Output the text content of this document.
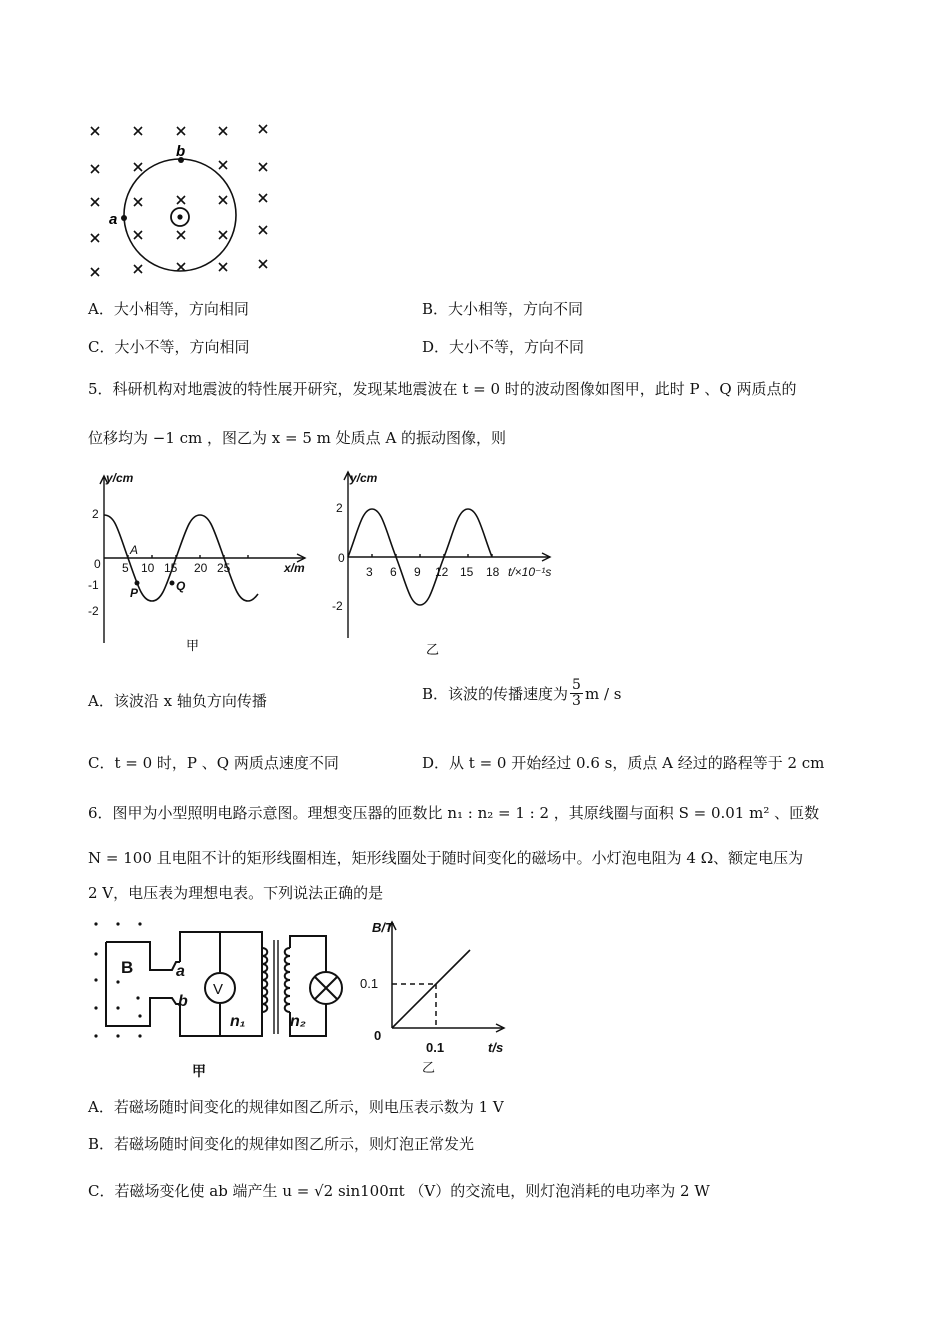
b
a
A．大小相等，方向相同	B．大小相等，方向不同
C．大小不等，方向相同	D．大小不等，方向不同
5．科研机构对地震波的特性展开研究，发现某地震波在 t = 0 时的波动图像如图甲，此时 P 、Q 两质点的
位移均为 −1 cm ，图乙为 x = 5 m 处质点 A 的振动图像，则
y/cm
x/m
2
0
-1
-2
5 10 15 20 25
A
P	Q
甲
y/cm
2
0
-2
3 6 9 12 15 18 t/×10⁻¹s
乙
A．该波沿 x 轴负方向传播	B．该波的传播速度为 $\frac{5}{3}$ m / s
C．t = 0 时，P 、Q 两质点速度不同	D．从 t = 0 开始经过 0.6 s，质点 A 经过的路程等于 2 cm
6．图甲为小型照明电路示意图。理想变压器的匝数比 n₁ : n₂ = 1 : 2 ，其原线圈与面积 S = 0.01 m² 、匝数
N = 100 且电阻不计的矩形线圈相连，矩形线圈处于随时间变化的磁场中。小灯泡电阻为 4 Ω、额定电压为
2 V，电压表为理想电表。下列说法正确的是
B	a
b
V
n₁	n₂
甲
B/T
0.1
0
0.1	t/s
乙
A．若磁场随时间变化的规律如图乙所示，则电压表示数为 1 V
B．若磁场随时间变化的规律如图乙所示，则灯泡正常发光
C．若磁场变化使 ab 端产生 u = √2 sin100πt （V）的交流电，则灯泡消耗的电功率为 2 W
